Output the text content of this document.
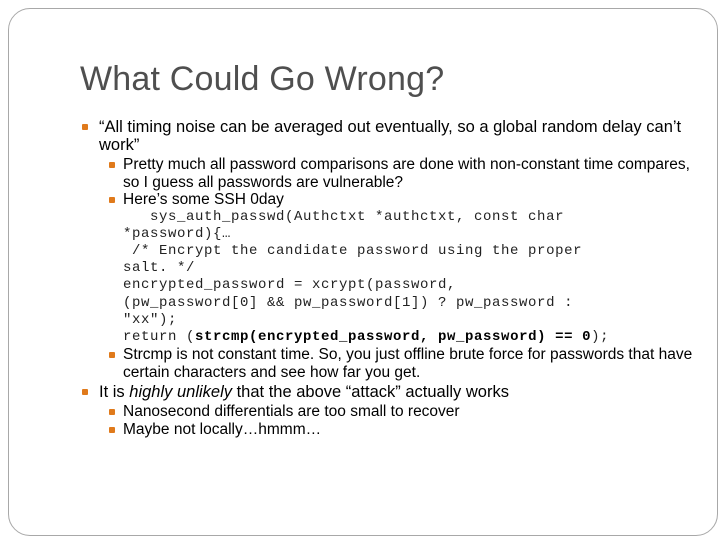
What Could Go Wrong?
“All timing noise can be averaged out eventually, so a global random delay can’t work”
Pretty much all password comparisons are done with non-constant time compares, so I guess all passwords are vulnerable?
Here’s some SSH 0day
sys_auth_passwd(Authctxt *authctxt, const char
*password){…
/* Encrypt the candidate password using the proper
salt. */
encrypted_password = xcrypt(password,
(pw_password[0] && pw_password[1]) ? pw_password :
"xx");
return (strcmp(encrypted_password, pw_password) == 0);
Strcmp is not constant time. So, you just offline brute force for passwords that have certain characters and see how far you get.
It is highly unlikely that the above “attack” actually works
Nanosecond differentials are too small to recover
Maybe not locally…hmmm…
